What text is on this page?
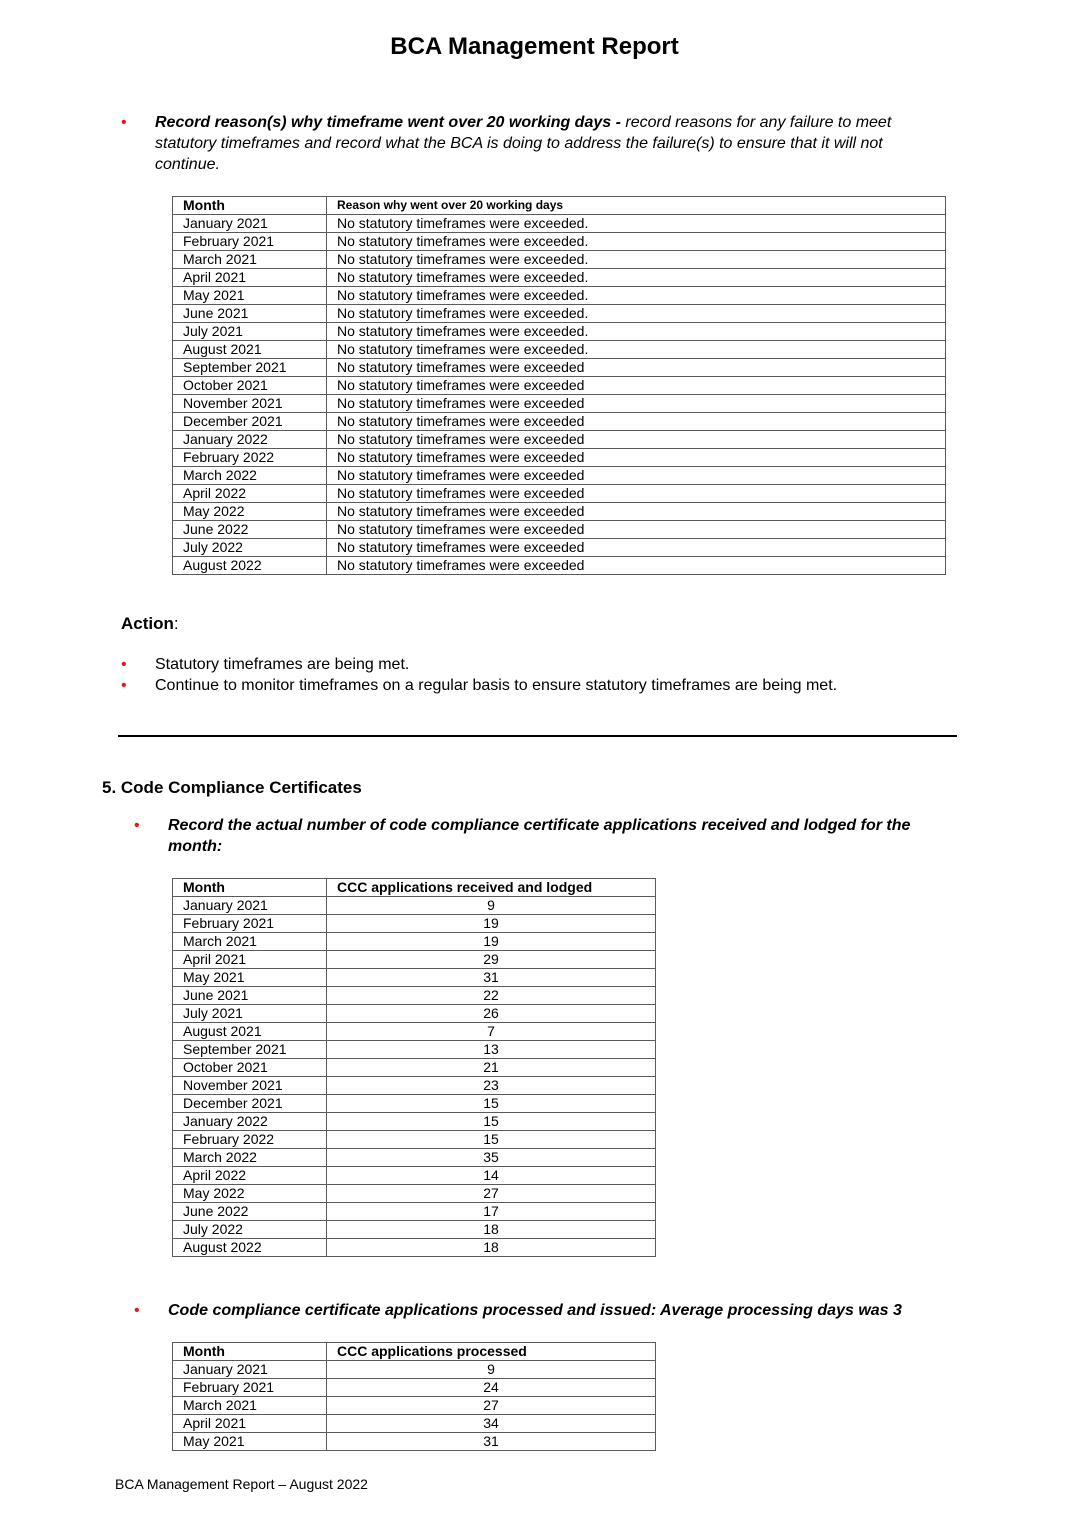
BCA Management Report
• Record reason(s) why timeframe went over 20 working days - record reasons for any failure to meet statutory timeframes and record what the BCA is doing to address the failure(s) to ensure that it will not continue.
Month	Reason why went over 20 working days
January 2021	No statutory timeframes were exceeded.
February 2021	No statutory timeframes were exceeded.
March 2021	No statutory timeframes were exceeded.
April 2021	No statutory timeframes were exceeded.
May 2021	No statutory timeframes were exceeded.
June 2021	No statutory timeframes were exceeded.
July 2021	No statutory timeframes were exceeded.
August 2021	No statutory timeframes were exceeded.
September 2021	No statutory timeframes were exceeded
October 2021	No statutory timeframes were exceeded
November 2021	No statutory timeframes were exceeded
December 2021	No statutory timeframes were exceeded
January 2022	No statutory timeframes were exceeded
February 2022	No statutory timeframes were exceeded
March 2022	No statutory timeframes were exceeded
April 2022	No statutory timeframes were exceeded
May 2022	No statutory timeframes were exceeded
June 2022	No statutory timeframes were exceeded
July 2022	No statutory timeframes were exceeded
August 2022	No statutory timeframes were exceeded
Action:
• Statutory timeframes are being met.
• Continue to monitor timeframes on a regular basis to ensure statutory timeframes are being met.
5. Code Compliance Certificates
• Record the actual number of code compliance certificate applications received and lodged for the month:
Month	CCC applications received and lodged
January 2021	9
February 2021	19
March 2021	19
April 2021	29
May 2021	31
June 2021	22
July 2021	26
August 2021	7
September 2021	13
October 2021	21
November 2021	23
December 2021	15
January 2022	15
February 2022	15
March 2022	35
April 2022	14
May 2022	27
June 2022	17
July 2022	18
August 2022	18
• Code compliance certificate applications processed and issued: Average processing days was 3
Month	CCC applications processed
January 2021	9
February 2021	24
March 2021	27
April 2021	34
May 2021	31
BCA Management Report – August 2022
